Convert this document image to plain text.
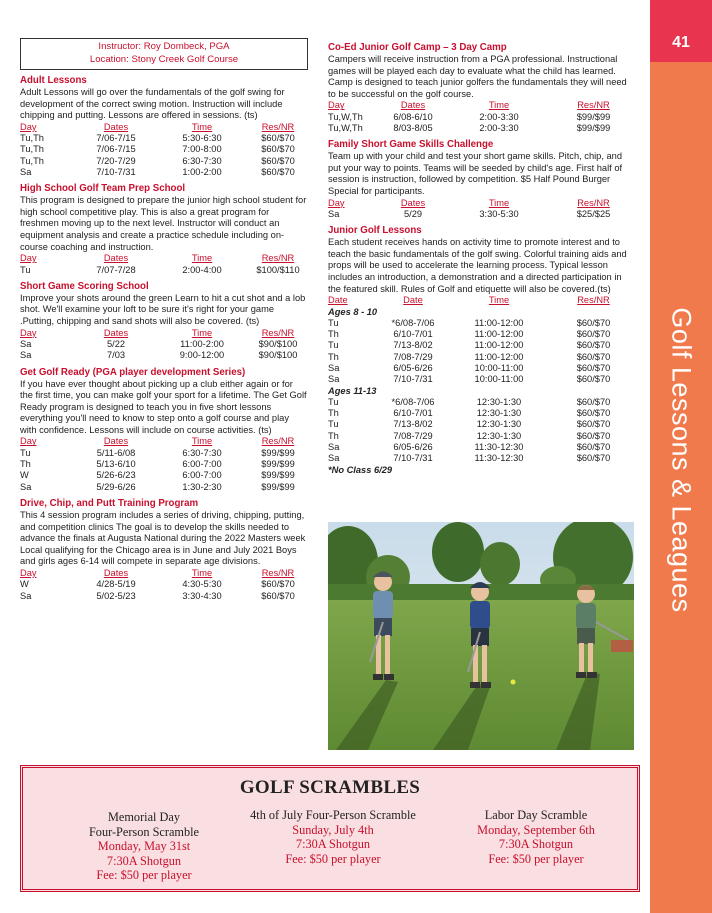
41
Golf Lessons & Leagues
Instructor: Roy Dombeck, PGA
Location: Stony Creek Golf Course
Adult Lessons
Adult Lessons will go over the fundamentals of the golf swing for development of the correct swing motion. Instruction will include chipping and putting. Lessons are offered in sessions. (ts)
Day	Dates	Time	Res/NR
Tu,Th	7/06-7/15	5:30-6:30	$60/$70
Tu,Th	7/06-7/15	7:00-8:00	$60/$70
Tu,Th	7/20-7/29	6:30-7:30	$60/$70
Sa	7/10-7/31	1:00-2:00	$60/$70
High School Golf Team Prep School
This program is designed to prepare the junior high school student for high school competitive play. This is also a great program for freshmen moving up to the next level. Instructor will conduct an equipment analysis and create a practice schedule including on-course coaching and instruction.
Day	Dates	Time	Res/NR
Tu	7/07-7/28	2:00-4:00	$100/$110
Short Game Scoring School
Improve your shots around the green Learn to hit a cut shot and a lob shot. We'll examine your loft to be sure it's right for your game .Putting, chipping and sand shots will also be covered. (ts)
Day	Dates	Time	Res/NR
Sa	5/22	11:00-2:00	$90/$100
Sa	7/03	9:00-12:00	$90/$100
Get Golf Ready (PGA player development Series)
If you have ever thought about picking up a club either again or for the first time, you can make golf your sport for a lifetime. The Get Golf Ready program is designed to teach you in five short lessons everything you'll need to know to step onto a golf course and play with confidence. Lessons will include on course activities. (ts)
Day	Dates	Time	Res/NR
Tu	5/11-6/08	6:30-7:30	$99/$99
Th	5/13-6/10	6:00-7:00	$99/$99
W	5/26-6/23	6:00-7:00	$99/$99
Sa	5/29-6/26	1:30-2:30	$99/$99
Drive, Chip, and Putt Training Program
This 4 session program includes a series of driving, chipping, putting, and competition clinics The goal is to develop the skills needed to advance the finals at Augusta National during the 2022 Masters week Local qualifying for the Chicago area is in June and July 2021 Boys and girls ages 6-14 will compete in separate age divisions.
Day	Dates	Time	Res/NR
W	4/28-5/19	4:30-5:30	$60/$70
Sa	5/02-5/23	3:30-4:30	$60/$70
Co-Ed Junior Golf Camp – 3 Day Camp
Campers will receive instruction from a PGA professional. Instructional games will be played each day to evaluate what the child has learned. Camp is designed to teach junior golfers the fundamentals they will need to be successful on the golf course.
Day	Dates	Time	Res/NR
Tu,W,Th	6/08-6/10	2:00-3:30	$99/$99
Tu,W,Th	8/03-8/05	2:00-3:30	$99/$99
Family Short Game Skills Challenge
Team up with your child and test your short game skills. Pitch, chip, and put your way to points. Teams will be seeded by child's age. First half of session is instruction, followed by competition. $5 Half Pound Burger Special for participants.
Day	Dates	Time	Res/NR
Sa	5/29	3:30-5:30	$25/$25
Junior Golf Lessons
Each student receives hands on activity time to promote interest and to teach the basic fundamentals of the golf swing. Colorful training aids and props will be used to accelerate the learning process. Typical lesson includes an introduction, a demonstration and a directed participation in the featured skill. Rules of Golf and etiquette will also be covered.(ts)
Date	Date	Time	Res/NR
Ages 8 - 10			
Tu	*6/08-7/06	11:00-12:00	$60/$70
Th	6/10-7/01	11:00-12:00	$60/$70
Tu	7/13-8/02	11:00-12:00	$60/$70
Th	7/08-7/29	11:00-12:00	$60/$70
Sa	6/05-6/26	10:00-11:00	$60/$70
Sa	7/10-7/31	10:00-11:00	$60/$70
Ages 11-13			
Tu	*6/08-7/06	12:30-1:30	$60/$70
Th	6/10-7/01	12:30-1:30	$60/$70
Tu	7/13-8/02	12:30-1:30	$60/$70
Th	7/08-7/29	12:30-1:30	$60/$70
Sa	6/05-6/26	11:30-12:30	$60/$70
Sa	7/10-7/31	11:30-12:30	$60/$70
*No Class 6/29
GOLF SCRAMBLES
Memorial Day
Four-Person Scramble
Monday, May 31st
7:30A Shotgun
Fee: $50 per player
4th of July Four-Person Scramble
Sunday, July 4th
7:30A Shotgun
Fee: $50 per player
Labor Day Scramble
Monday, September 6th
7:30A Shotgun
Fee: $50 per player
